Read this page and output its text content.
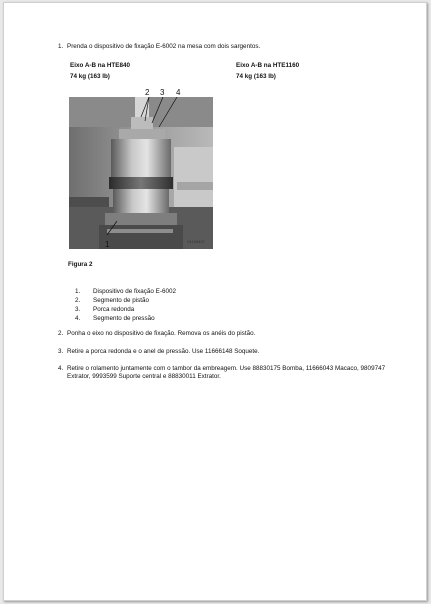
1. Prenda o dispositivo de fixação E-6002 na mesa com dois sargentos.
Eixo A-B na HTE840
74 kg (163 lb)
Eixo A-B na HTE1160
74 kg (163 lb)
2 3 4
1	V1129407
Figura 2
1. Dispositivo de fixação E-6002
2. Segmento de pistão
3. Porca redonda
4. Segmento de pressão
2. Ponha o eixo no dispositivo de fixação. Remova os anéis do pistão.
3. Retire a porca redonda e o anel de pressão. Use 11666148 Soquete.
4. Retire o rolamento juntamente com o tambor da embreagem. Use 88830175 Bomba, 11666043 Macaco, 9809747 Extrator, 9993599 Suporte central e 88830011 Extrator.
